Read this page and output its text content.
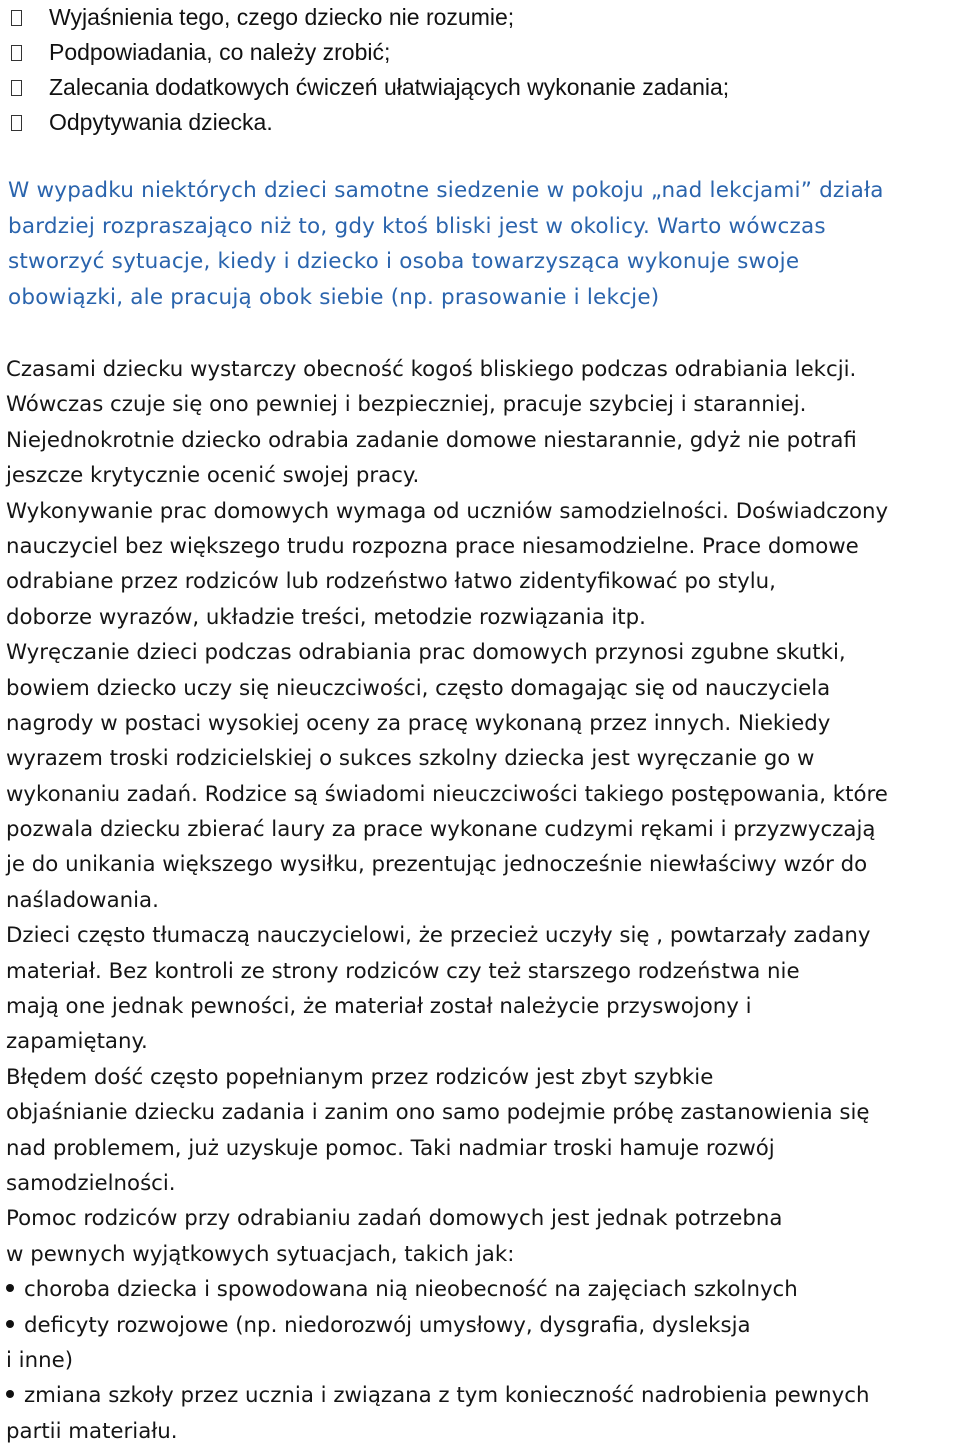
Wyjaśnienia tego, czego dziecko nie rozumie;
Podpowiadania, co należy zrobić;
Zalecania dodatkowych ćwiczeń ułatwiających wykonanie zadania;
Odpytywania dziecka.

W wypadku niektórych dzieci samotne siedzenie w pokoju „nad lekcjami” działa
bardziej rozpraszająco niż to, gdy ktoś bliski jest w okolicy. Warto wówczas
stworzyć sytuacje, kiedy i dziecko i osoba towarzysząca wykonuje swoje
obowiązki, ale pracują obok siebie (np. prasowanie i lekcje)

Czasami dziecku wystarczy obecność kogoś bliskiego podczas odrabiania lekcji.
Wówczas czuje się ono pewniej i bezpieczniej, pracuje szybciej i staranniej.
Niejednokrotnie dziecko odrabia zadanie domowe niestarannie, gdyż nie potrafi
jeszcze krytycznie ocenić swojej pracy.
Wykonywanie prac domowych wymaga od uczniów samodzielności. Doświadczony
nauczyciel bez większego trudu rozpozna prace niesamodzielne. Prace domowe
odrabiane przez rodziców lub rodzeństwo łatwo zidentyfikować po stylu,
doborze wyrazów, układzie treści, metodzie rozwiązania itp.
Wyręczanie dzieci podczas odrabiania prac domowych przynosi zgubne skutki,
bowiem dziecko uczy się nieuczciwości, często domagając się od nauczyciela
nagrody w postaci wysokiej oceny za pracę wykonaną przez innych. Niekiedy
wyrazem troski rodzicielskiej o sukces szkolny dziecka jest wyręczanie go w
wykonaniu zadań. Rodzice są świadomi nieuczciwości takiego postępowania, które
pozwala dziecku zbierać laury za prace wykonane cudzymi rękami i przyzwyczają
je do unikania większego wysiłku, prezentując jednocześnie niewłaściwy wzór do
naśladowania.
Dzieci często tłumaczą nauczycielowi, że przecież uczyły się , powtarzały zadany
materiał. Bez kontroli ze strony rodziców czy też starszego rodzeństwa nie
mają one jednak pewności, że materiał został należycie przyswojony i
zapamiętany.
Błędem dość często popełnianym przez rodziców jest zbyt szybkie
objaśnianie dziecku zadania i zanim ono samo podejmie próbę zastanowienia się
nad problemem, już uzyskuje pomoc. Taki nadmiar troski hamuje rozwój
samodzielności.
Pomoc rodziców przy odrabianiu zadań domowych jest jednak potrzebna
w pewnych wyjątkowych sytuacjach, takich jak:
choroba dziecka i spowodowana nią nieobecność na zajęciach szkolnych
deficyty rozwojowe (np. niedorozwój umysłowy, dysgrafia, dysleksja
i inne)
zmiana szkoły przez ucznia i związana z tym konieczność nadrobienia pewnych
partii materiału.
